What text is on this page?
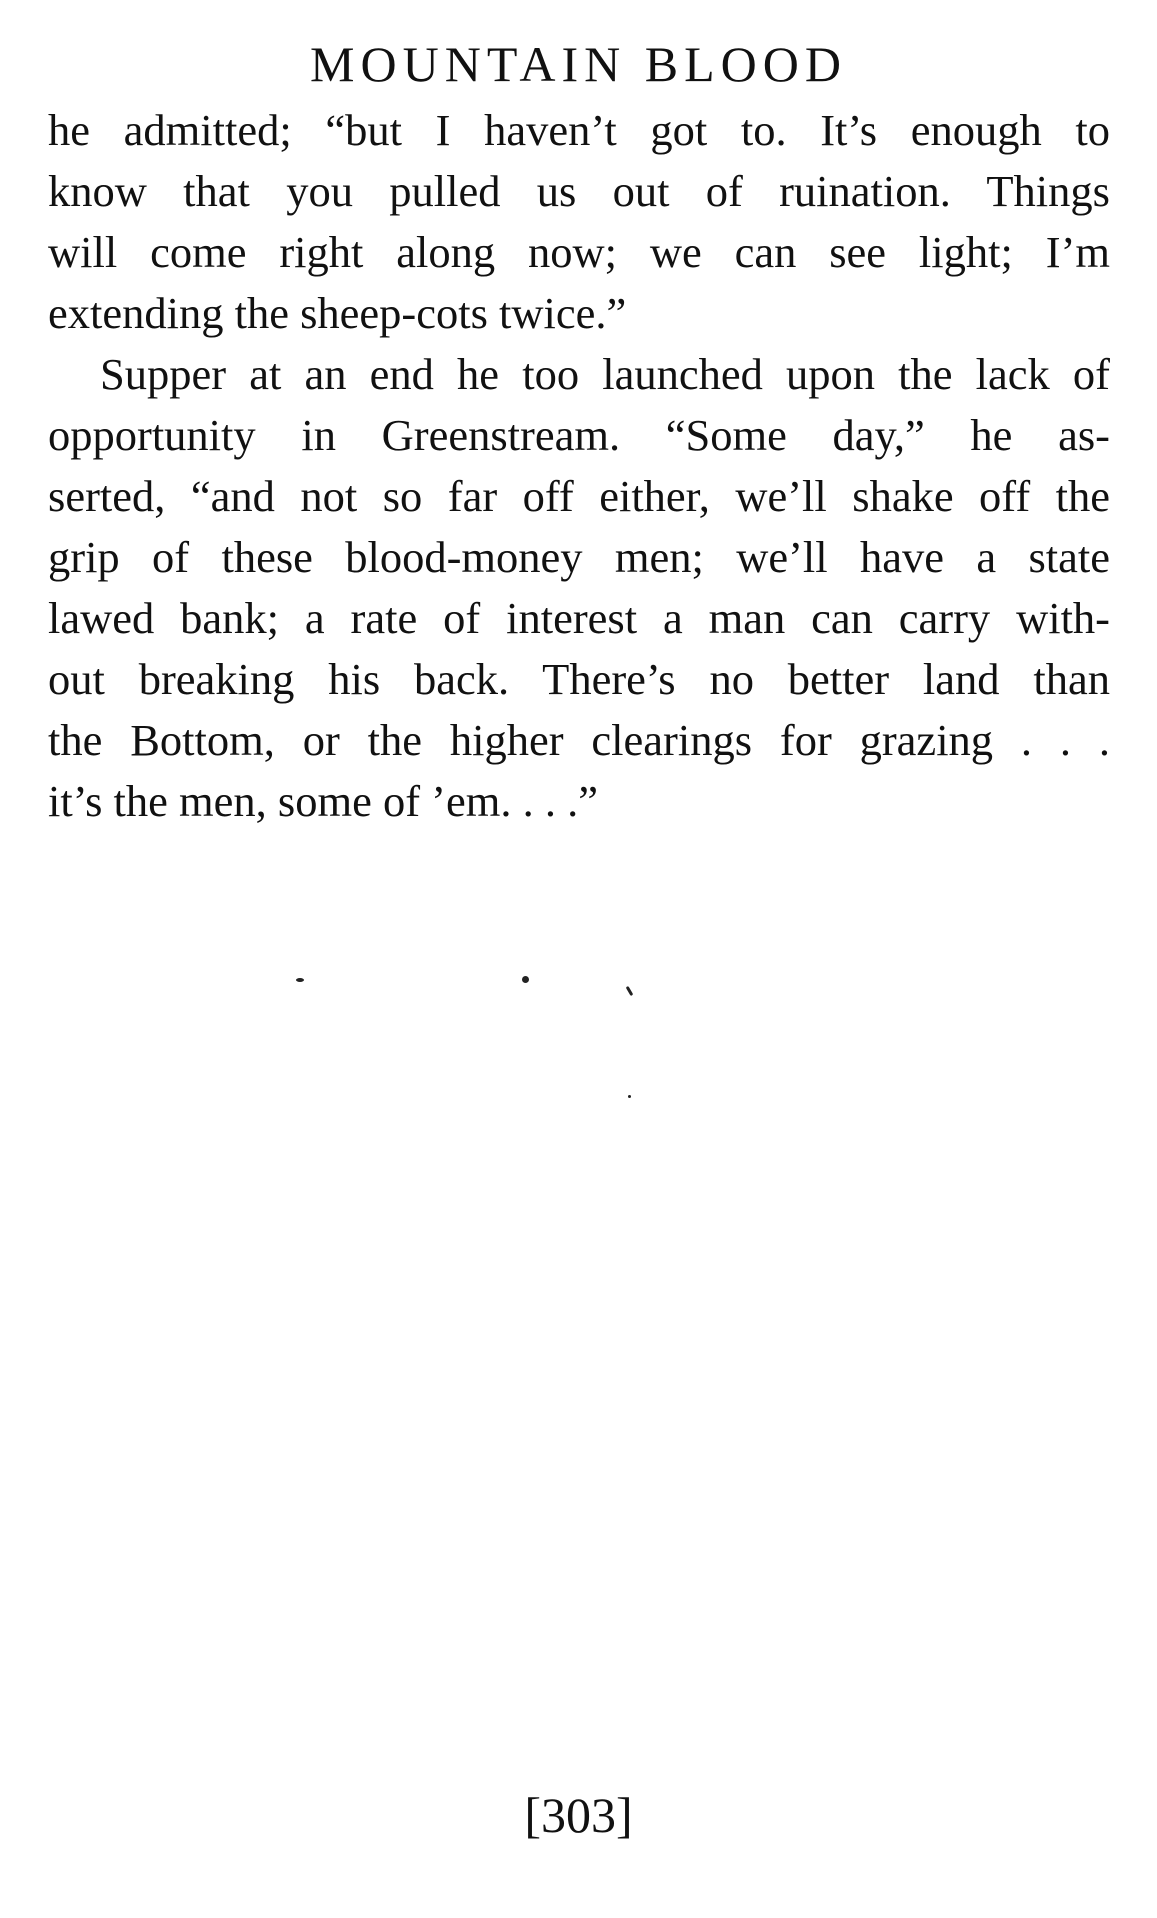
MOUNTAIN BLOOD
he admitted; “but I haven’t got to. It’s enough to
know that you pulled us out of ruination. Things
will come right along now; we can see light; I’m
extending the sheep-cots twice.”
Supper at an end he too launched upon the lack of
opportunity in Greenstream. “Some day,” he as-
serted, “and not so far off either, we’ll shake off the
grip of these blood-money men; we’ll have a state
lawed bank; a rate of interest a man can carry with-
out breaking his back. There’s no better land than
the Bottom, or the higher clearings for grazing . . .
it’s the men, some of ’em. . . .”
[303]
